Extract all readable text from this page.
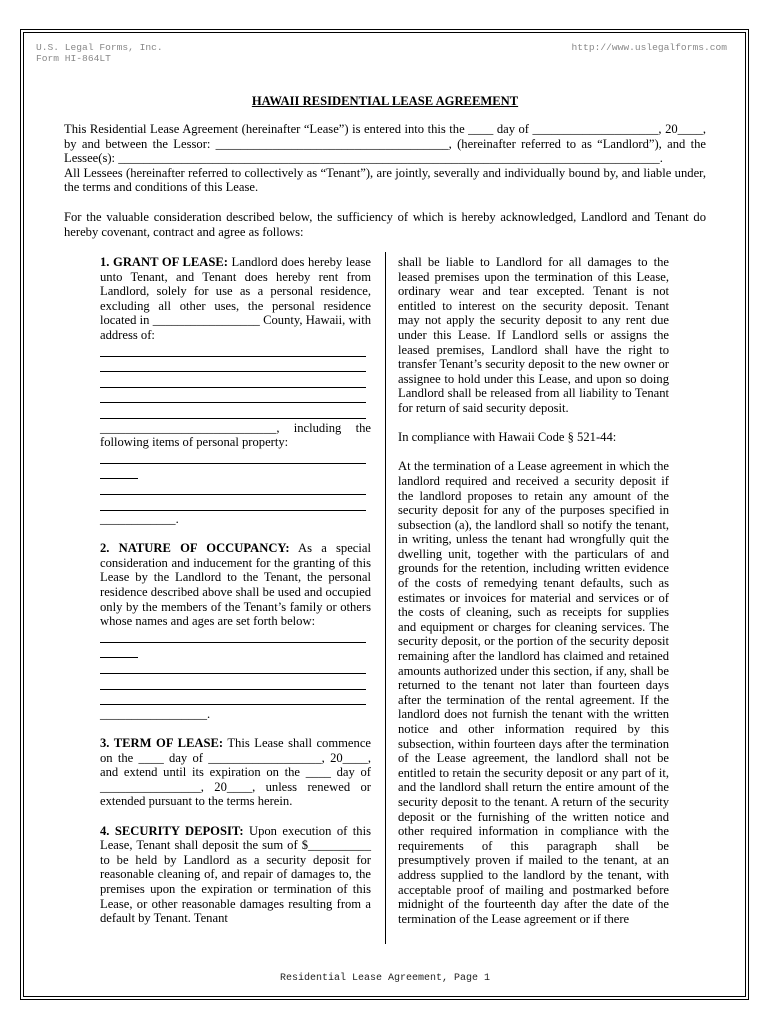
U.S. Legal Forms, Inc.
Form HI-864LT
http://www.uslegalforms.com
HAWAII RESIDENTIAL LEASE AGREEMENT

This Residential Lease Agreement (hereinafter “Lease”) is entered into this the ____ day of ____________________, 20____, by and between the Lessor: _____________________________________, (hereinafter referred to as “Landlord”), and the Lessee(s): ______________________________________________________________________________________.

All Lessees (hereinafter referred to collectively as “Tenant”), are jointly, severally and individually bound by, and liable under, the terms and conditions of this Lease.

For the valuable consideration described below, the sufficiency of which is hereby acknowledged, Landlord and Tenant do hereby covenant, contract and agree as follows:

1. GRANT OF LEASE: Landlord does hereby lease unto Tenant, and Tenant does hereby rent from Landlord, solely for use as a personal residence, excluding all other uses, the personal residence located in _________________ County, Hawaii, with address of:

____________________________, including the following items of personal property:

____________.

2. NATURE OF OCCUPANCY: As a special consideration and inducement for the granting of this Lease by the Landlord to the Tenant, the personal residence described above shall be used and occupied only by the members of the Tenant’s family or others whose names and ages are set forth below:

_________________.

3. TERM OF LEASE: This Lease shall commence on the ____ day of __________________, 20____, and extend until its expiration on the ____ day of ________________, 20____, unless renewed or extended pursuant to the terms herein.

4. SECURITY DEPOSIT: Upon execution of this Lease, Tenant shall deposit the sum of $__________ to be held by Landlord as a security deposit for reasonable cleaning of, and repair of damages to, the premises upon the expiration or termination of this Lease, or other reasonable damages resulting from a default by Tenant. Tenant

shall be liable to Landlord for all damages to the leased premises upon the termination of this Lease, ordinary wear and tear excepted. Tenant is not entitled to interest on the security deposit. Tenant may not apply the security deposit to any rent due under this Lease. If Landlord sells or assigns the leased premises, Landlord shall have the right to transfer Tenant’s security deposit to the new owner or assignee to hold under this Lease, and upon so doing Landlord shall be released from all liability to Tenant for return of said security deposit.

In compliance with Hawaii Code § 521-44:

At the termination of a Lease agreement in which the landlord required and received a security deposit if the landlord proposes to retain any amount of the security deposit for any of the purposes specified in subsection (a), the landlord shall so notify the tenant, in writing, unless the tenant had wrongfully quit the dwelling unit, together with the particulars of and grounds for the retention, including written evidence of the costs of remedying tenant defaults, such as estimates or invoices for material and services or of the costs of cleaning, such as receipts for supplies and equipment or charges for cleaning services. The security deposit, or the portion of the security deposit remaining after the landlord has claimed and retained amounts authorized under this section, if any, shall be returned to the tenant not later than fourteen days after the termination of the rental agreement. If the landlord does not furnish the tenant with the written notice and other information required by this subsection, within fourteen days after the termination of the Lease agreement, the landlord shall not be entitled to retain the security deposit or any part of it, and the landlord shall return the entire amount of the security deposit to the tenant. A return of the security deposit or the furnishing of the written notice and other required information in compliance with the requirements of this paragraph shall be presumptively proven if mailed to the tenant, at an address supplied to the landlord by the tenant, with acceptable proof of mailing and postmarked before midnight of the fourteenth day after the date of the termination of the Lease agreement or if there

Residential Lease Agreement, Page 1
